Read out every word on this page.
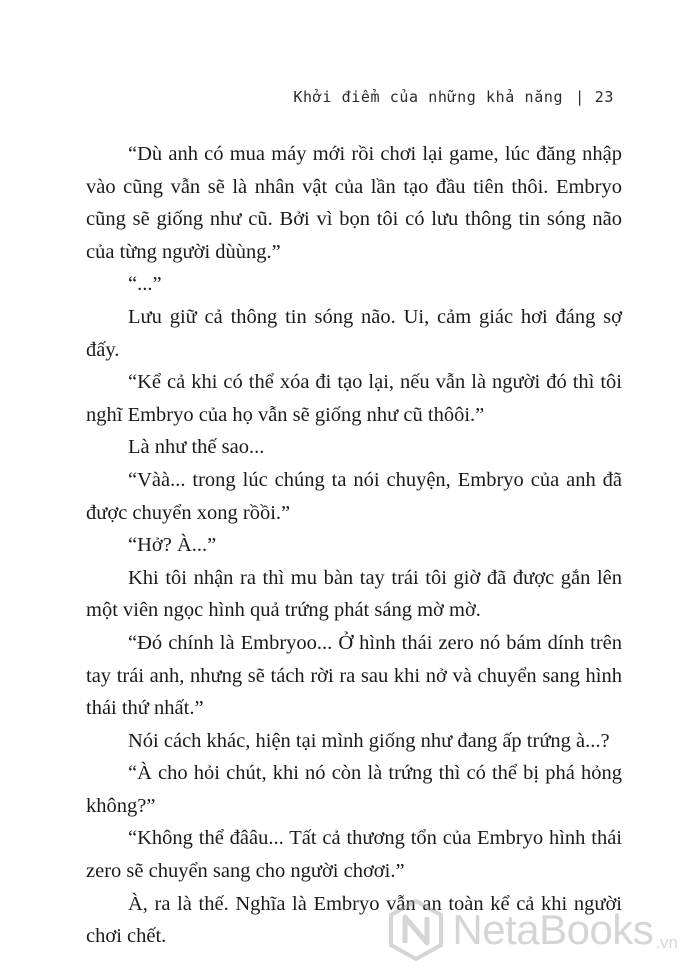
Khởi điểm của những khả năng | 23

“Dù anh có mua máy mới rồi chơi lại game, lúc đăng nhập vào cũng vẫn sẽ là nhân vật của lần tạo đầu tiên thôi. Embryo cũng sẽ giống như cũ. Bởi vì bọn tôi có lưu thông tin sóng não của từng người dùùng.”

“...”

Lưu giữ cả thông tin sóng não. Ui, cảm giác hơi đáng sợ đấy.

“Kể cả khi có thể xóa đi tạo lại, nếu vẫn là người đó thì tôi nghĩ Embryo của họ vẫn sẽ giống như cũ thôôi.”

Là như thế sao...

“Vàà... trong lúc chúng ta nói chuyện, Embryo của anh đã được chuyển xong rồồi.”

“Hở? À...”

Khi tôi nhận ra thì mu bàn tay trái tôi giờ đã được gắn lên một viên ngọc hình quả trứng phát sáng mờ mờ.

“Đó chính là Embryoo... Ở hình thái zero nó bám dính trên tay trái anh, nhưng sẽ tách rời ra sau khi nở và chuyển sang hình thái thứ nhất.”

Nói cách khác, hiện tại mình giống như đang ấp trứng à...?

“À cho hỏi chút, khi nó còn là trứng thì có thể bị phá hỏng không?”

“Không thể đââu... Tất cả thương tổn của Embryo hình thái zero sẽ chuyển sang cho người chơơi.”

À, ra là thế. Nghĩa là Embryo vẫn an toàn kể cả khi người chơi chết.	NetaBooks .vn
